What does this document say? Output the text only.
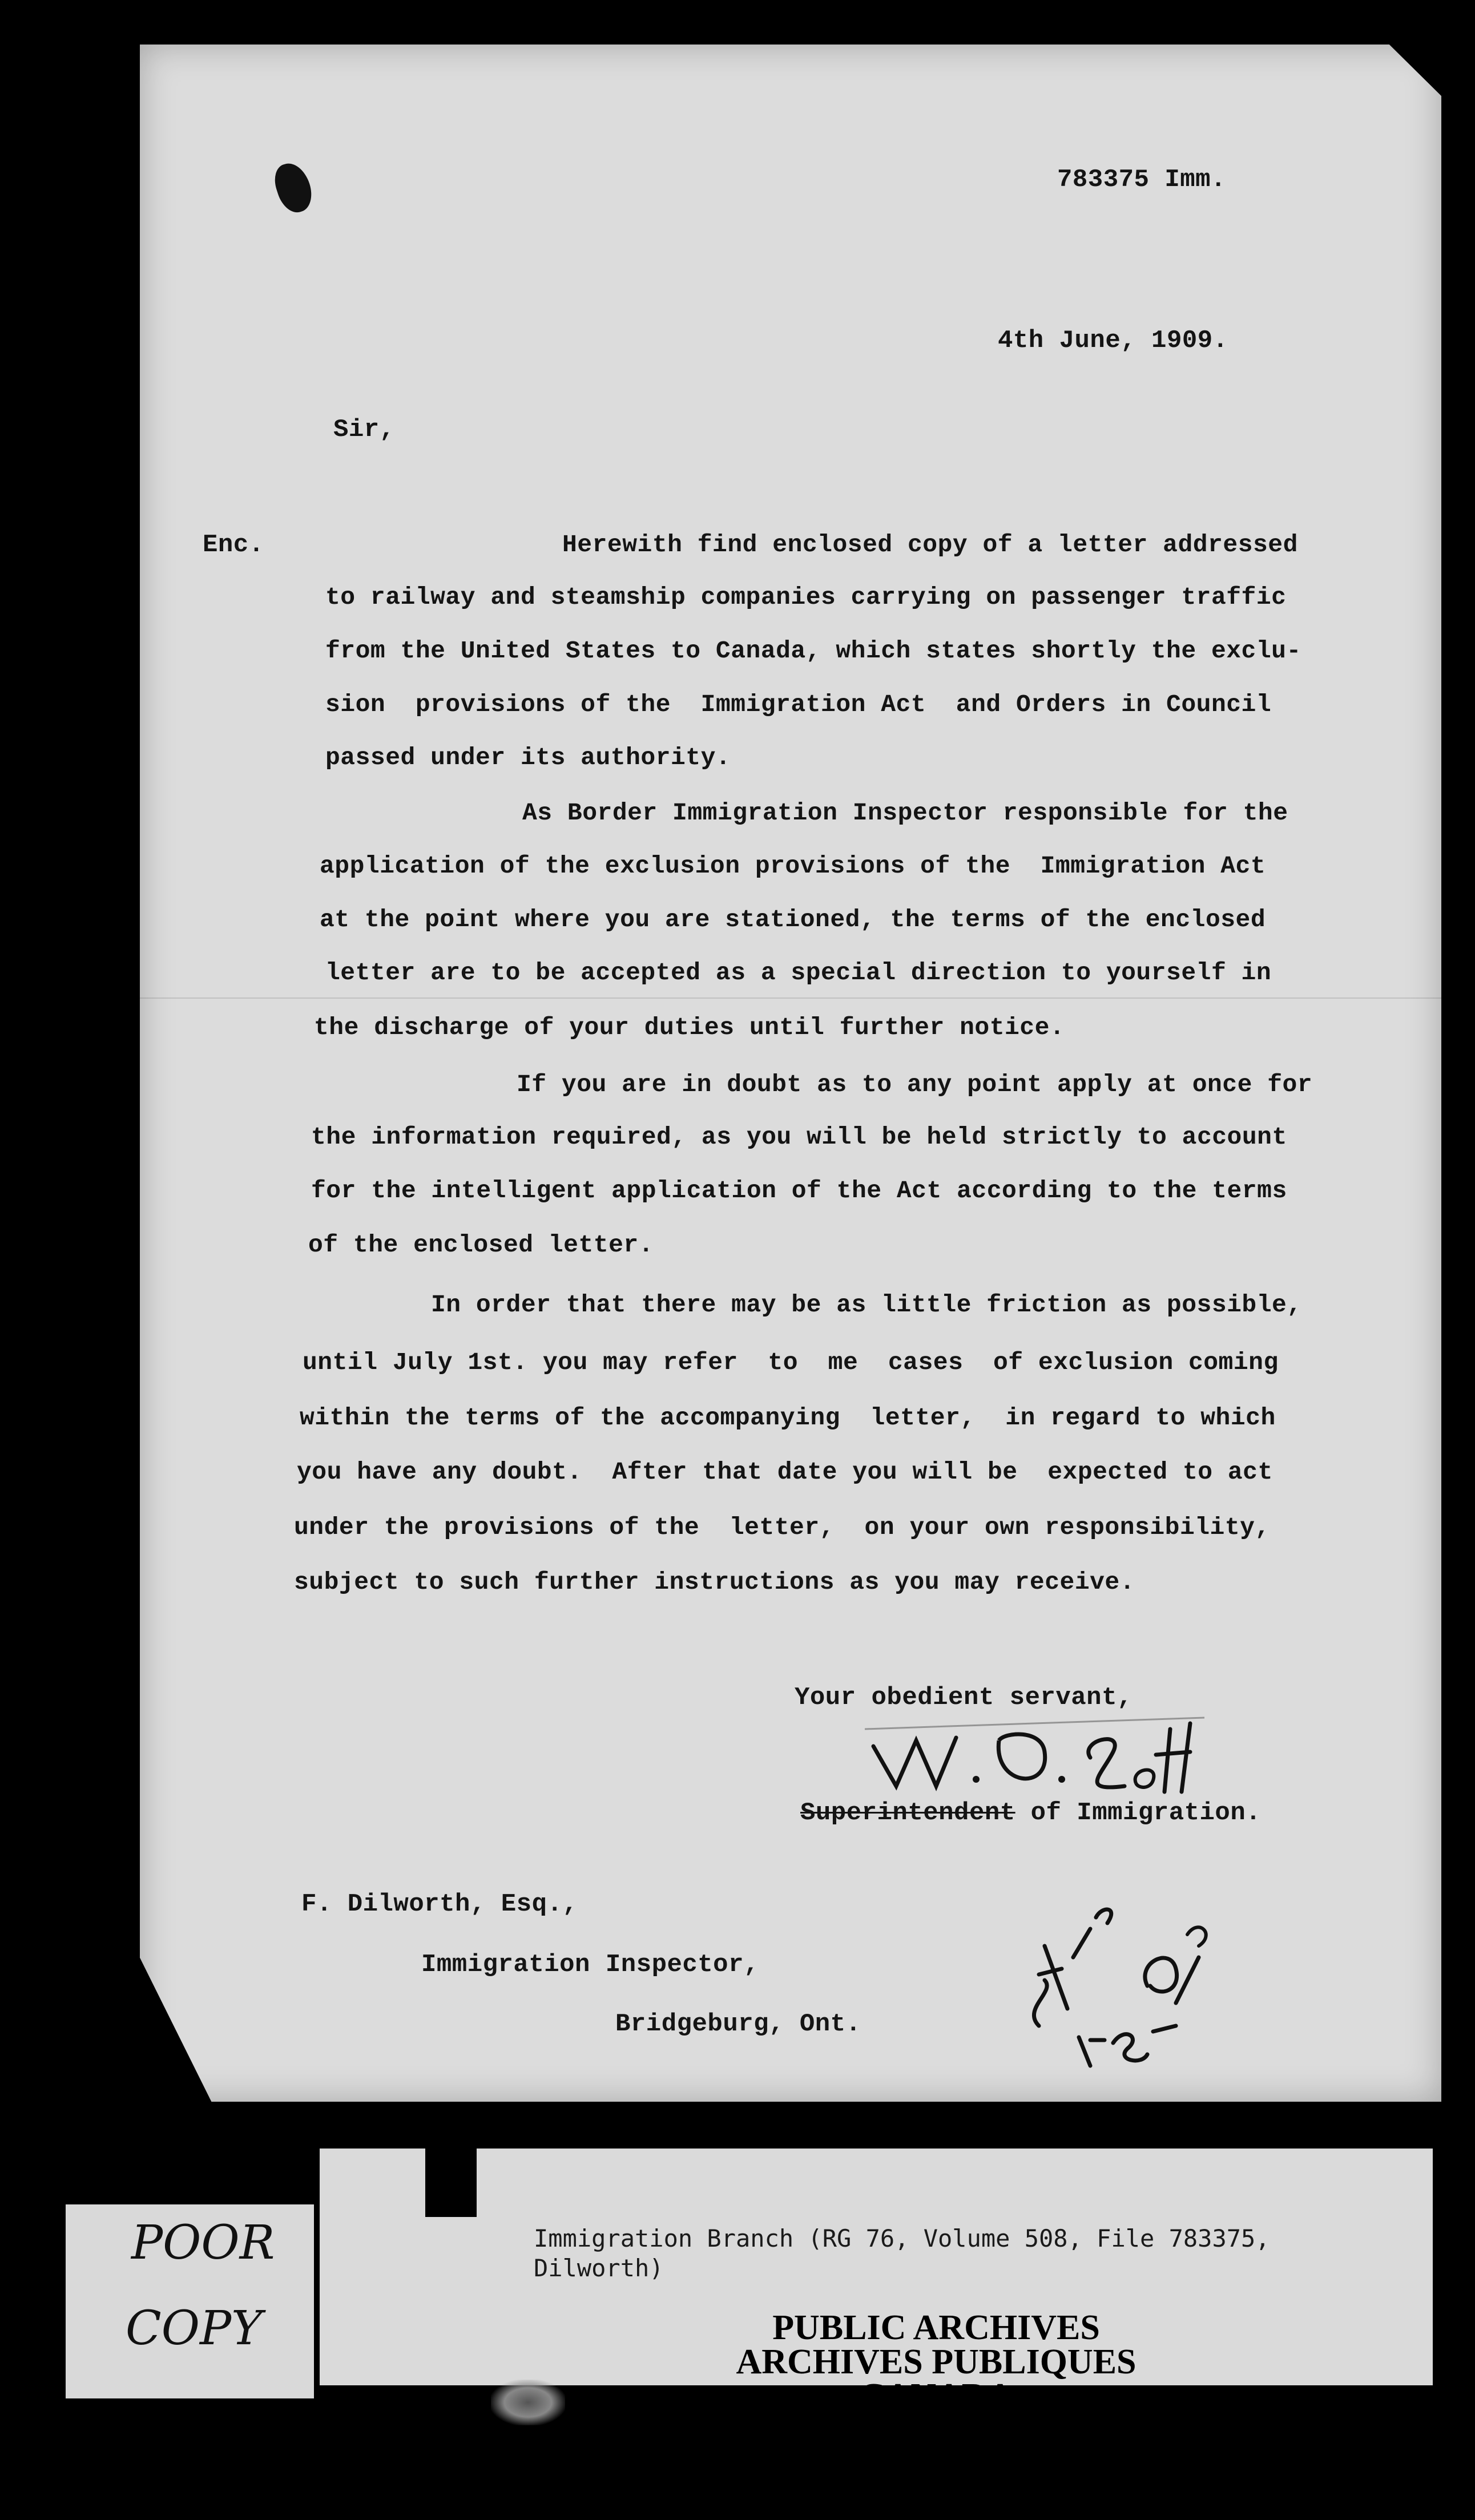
783375 Imm.
4th June, 1909.
Sir,
Enc.	Herewith find enclosed copy of a letter addressed
to railway and steamship companies carrying on passenger traffic
from the United States to Canada, which states shortly the exclu-
sion  provisions of the  Immigration Act  and Orders in Council
passed under its authority.
As Border Immigration Inspector responsible for the
application of the exclusion provisions of the  Immigration Act
at the point where you are stationed, the terms of the enclosed
letter are to be accepted as a special direction to yourself in
the discharge of your duties until further notice.
If you are in doubt as to any point apply at once for
the information required, as you will be held strictly to account
for the intelligent application of the Act according to the terms
of the enclosed letter.
In order that there may be as little friction as possible,
until July 1st. you may refer  to  me  cases  of exclusion coming
within the terms of the accompanying  letter,  in regard to which
you have any doubt.  After that date you will be  expected to act
under the provisions of the  letter,  on your own responsibility,
subject to such further instructions as you may receive.
Your obedient servant,
Superintendent of Immigration.
F. Dilworth, Esq.,
Immigration Inspector,
Bridgeburg, Ont.
POOR
COPY
Immigration Branch (RG 76, Volume 508, File 783375,
Dilworth)
PUBLIC ARCHIVES
ARCHIVES PUBLIQUES
CANADA
